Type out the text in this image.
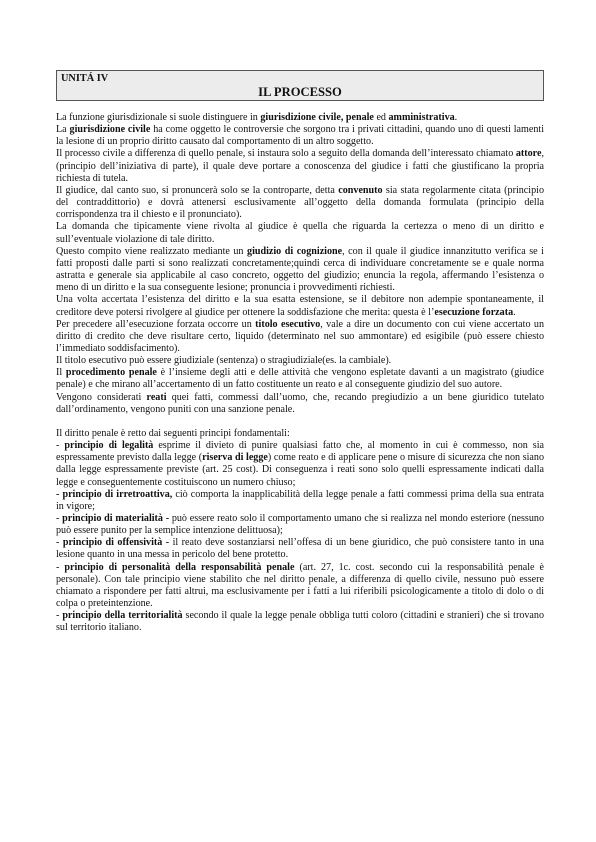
UNITÁ IV
IL PROCESSO

La funzione giurisdizionale si suole distinguere in giurisdizione civile, penale ed amministrativa.

La giurisdizione civile ha come oggetto le controversie che sorgono tra i privati cittadini, quando uno di questi lamenti la lesione di un proprio diritto causato dal comportamento di un altro soggetto.

Il processo civile a differenza di quello penale, si instaura solo a seguito della domanda dell’interessato chiamato attore, (principio dell’iniziativa di parte), il quale deve portare a conoscenza del giudice i fatti che giustificano la propria richiesta di tutela.

Il giudice, dal canto suo, si pronuncerà solo se la controparte, detta convenuto sia stata regolarmente citata (principio del contraddittorio) e dovrà attenersi esclusivamente all’oggetto della domanda formulata (principio della corrispondenza tra il chiesto e il pronunciato).

La domanda che tipicamente viene rivolta al giudice è quella che riguarda la certezza o meno di un diritto e sull’eventuale violazione di tale diritto.

Questo compito viene realizzato mediante un giudizio di cognizione, con il quale il giudice innanzitutto verifica se i fatti proposti dalle parti si sono realizzati concretamente;quindi cerca di individuare concretamente se e quale norma astratta e generale sia applicabile al caso concreto, oggetto del giudizio; enuncia la regola, affermando l’esistenza o meno di un diritto e la sua conseguente lesione; pronuncia i provvedimenti richiesti.

Una volta accertata l’esistenza del diritto e la sua esatta estensione, se il debitore non adempie spontaneamente, il creditore deve potersi rivolgere al giudice per ottenere la soddisfazione che merita: questa è l’esecuzione forzata.

Per precedere all’esecuzione forzata occorre un titolo esecutivo, vale a dire un documento con cui viene accertato un diritto di credito che deve risultare certo, liquido (determinato nel suo ammontare) ed esigibile (può essere chiesto l’immediato soddisfacimento).

Il titolo esecutivo può essere giudiziale (sentenza) o stragiudiziale(es. la cambiale).

Il procedimento penale è l’insieme degli atti e delle attività che vengono espletate davanti a un magistrato (giudice penale) e che mirano all’accertamento di un fatto costituente un reato e al conseguente giudizio del suo autore.

Vengono considerati reati quei fatti, commessi dall’uomo, che, recando pregiudizio a un bene giuridico tutelato dall’ordinamento, vengono puniti con una sanzione penale.

Il diritto penale è retto dai seguenti principi fondamentali:

- principio di legalità esprime il divieto di punire qualsiasi fatto che, al momento in cui è commesso, non sia espressamente previsto dalla legge (riserva di legge) come reato e di applicare pene o misure di sicurezza che non siano dalla legge espressamente previste (art. 25 cost). Di conseguenza i reati sono solo quelli espressamente indicati dalla legge e conseguentemente costituiscono un numero chiuso;

- principio di irretroattiva, ciò comporta la inapplicabilità della legge penale a fatti commessi prima della sua entrata in vigore;

- principio di materialità - può essere reato solo il comportamento umano che si realizza nel mondo esteriore (nessuno può essere punito per la semplice intenzione delittuosa);

- principio di offensività - il reato deve sostanziarsi nell’offesa di un bene giuridico, che può consistere tanto in una lesione quanto in una messa in pericolo del bene protetto.

- principio di personalità della responsabilità penale (art. 27, 1c. cost. secondo cui la responsabilità penale è personale). Con tale principio viene stabilito che nel diritto penale, a differenza di quello civile, nessuno può essere chiamato a rispondere per fatti altrui, ma esclusivamente per i fatti a lui riferibili psicologicamente a titolo di dolo o di colpa o preteintenzione.

- principio della territorialità secondo il quale la legge penale obbliga tutti coloro (cittadini e stranieri) che si trovano sul territorio italiano.
